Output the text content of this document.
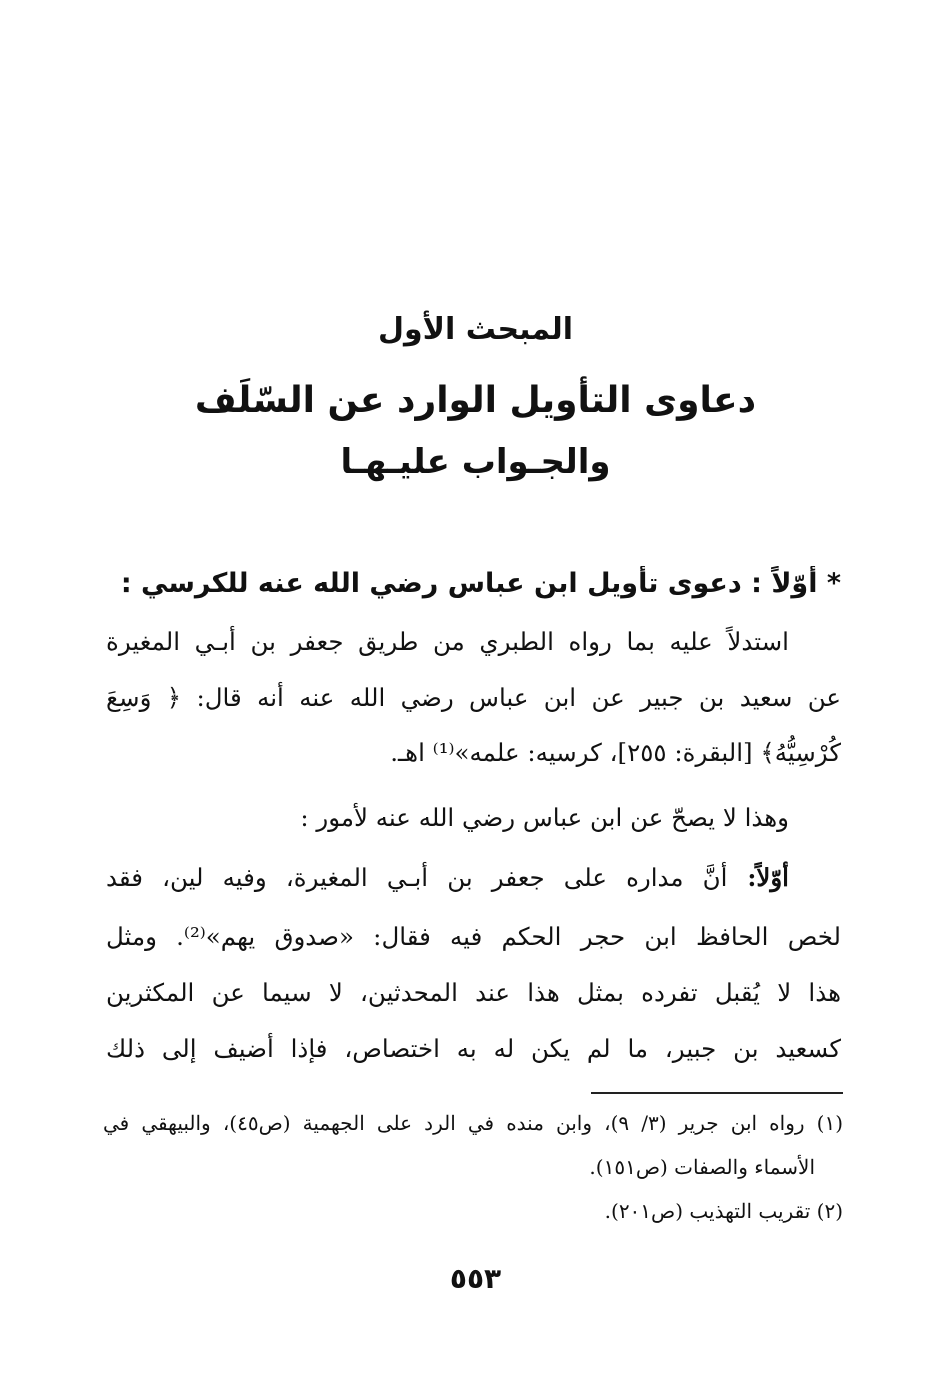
المبحث الأول
دعاوى التأويل الوارد عن السّلَف
والجـواب عليـهـا
* أوّلاً : دعوى تأويل ابن عباس رضي الله عنه للكرسي :
استدلاً عليه بما رواه الطبري من طريق جعفر بن أبـي المغيرة
عن سعيد بن جبير عن ابن عباس رضي الله عنه أنه قال: ﴿ وَسِعَ
كُرْسِيُّهُ﴾ [البقرة: ٢٥٥]، كرسيه: علمه»⁽¹⁾ اهـ.
وهذا لا يصحّ عن ابن عباس رضي الله عنه لأمور :
أوّلاً: أنَّ مداره على جعفر بن أبـي المغيرة، وفيه لين، فقد
لخص الحافظ ابن حجر الحكم فيه فقال: «صدوق يهم»⁽²⁾. ومثل
هذا لا يُقبل تفرده بمثل هذا عند المحدثين، لا سيما عن المكثرين
كسعيد بن جبير، ما لم يكن له به اختصاص، فإذا أضيف إلى ذلك
(١) رواه ابن جرير (٣/ ٩)، وابن منده في الرد على الجهمية (ص٤٥)، والبيهقي في
الأسماء والصفات (ص١٥١).
(٢) تقريب التهذيب (ص٢٠١).
٥٥٣
